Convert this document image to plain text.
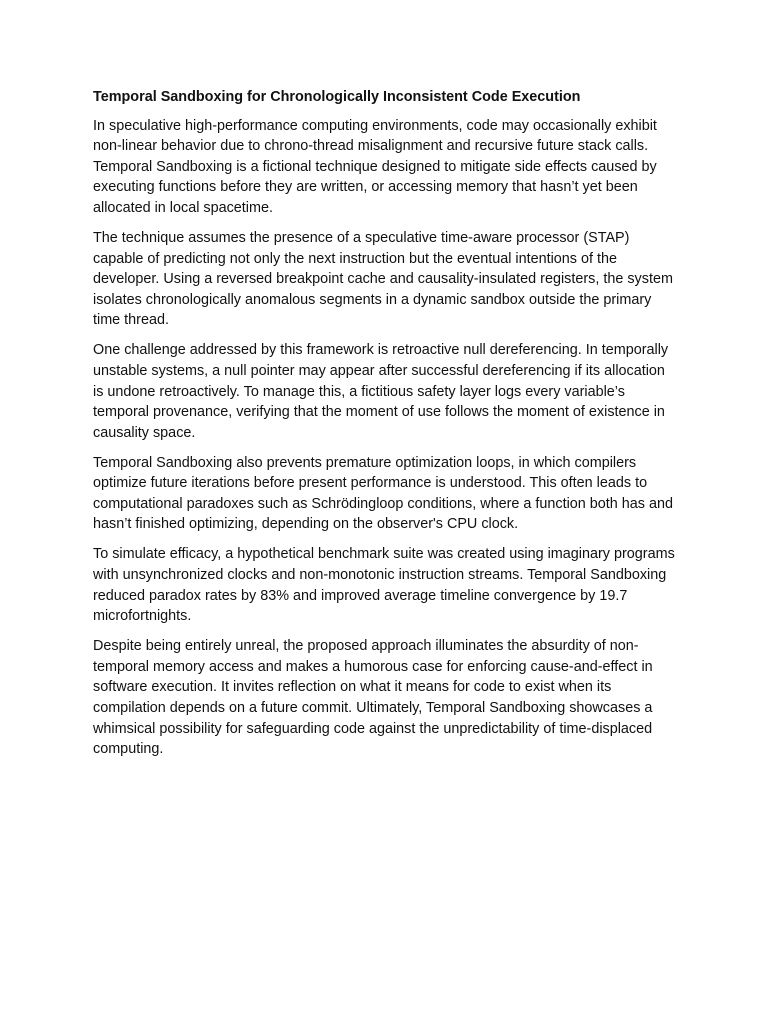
Temporal Sandboxing for Chronologically Inconsistent Code Execution

In speculative high-performance computing environments, code may occasionally exhibit non-linear behavior due to chrono-thread misalignment and recursive future stack calls. Temporal Sandboxing is a fictional technique designed to mitigate side effects caused by executing functions before they are written, or accessing memory that hasn’t yet been allocated in local spacetime.

The technique assumes the presence of a speculative time-aware processor (STAP) capable of predicting not only the next instruction but the eventual intentions of the developer. Using a reversed breakpoint cache and causality-insulated registers, the system isolates chronologically anomalous segments in a dynamic sandbox outside the primary time thread.

One challenge addressed by this framework is retroactive null dereferencing. In temporally unstable systems, a null pointer may appear after successful dereferencing if its allocation is undone retroactively. To manage this, a fictitious safety layer logs every variable’s temporal provenance, verifying that the moment of use follows the moment of existence in causality space.

Temporal Sandboxing also prevents premature optimization loops, in which compilers optimize future iterations before present performance is understood. This often leads to computational paradoxes such as Schrödingloop conditions, where a function both has and hasn’t finished optimizing, depending on the observer's CPU clock.

To simulate efficacy, a hypothetical benchmark suite was created using imaginary programs with unsynchronized clocks and non-monotonic instruction streams. Temporal Sandboxing reduced paradox rates by 83% and improved average timeline convergence by 19.7 microfortnights.

Despite being entirely unreal, the proposed approach illuminates the absurdity of non-temporal memory access and makes a humorous case for enforcing cause-and-effect in software execution. It invites reflection on what it means for code to exist when its compilation depends on a future commit. Ultimately, Temporal Sandboxing showcases a whimsical possibility for safeguarding code against the unpredictability of time-displaced computing.
